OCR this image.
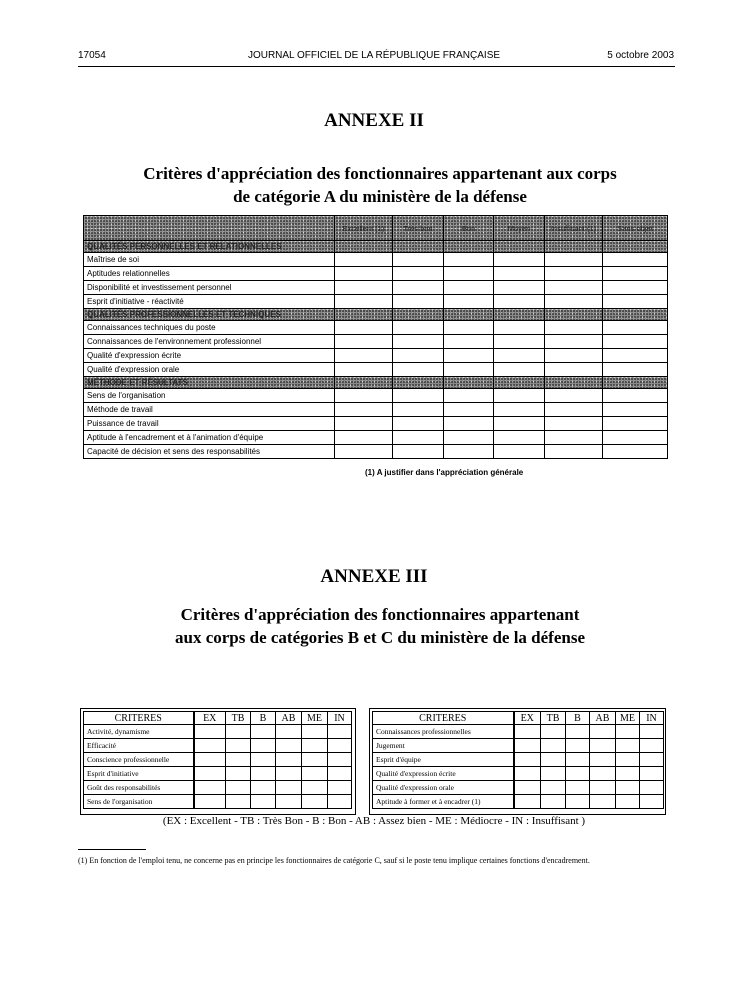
17054	JOURNAL OFFICIEL DE LA RÉPUBLIQUE FRANÇAISE	5 octobre 2003
ANNEXE II
Critères d'appréciation des fonctionnaires appartenant aux corps
de catégorie A du ministère de la défense
	Excellent (1)	Très bon	Bon	Moyen	Insuffisant (1)	Sans objet
QUALITÉS PERSONNELLES ET RELATIONNELLES						
Maîtrise de soi						
Aptitudes relationnelles						
Disponibilité et investissement personnel						
Esprit d'initiative - réactivité						
QUALITÉS PROFESSIONNELLES ET TECHNIQUES						
Connaissances techniques du poste						
Connaissances de l'environnement professionnel						
Qualité d'expression écrite						
Qualité d'expression orale						
MÉTHODE ET RÉSULTATS						
Sens de l'organisation						
Méthode de travail						
Puissance de travail						
Aptitude à l'encadrement et à l'animation d'équipe						
Capacité de décision et sens des responsabilités						
(1) A justifier dans l'appréciation générale
ANNEXE III
Critères d'appréciation des fonctionnaires appartenant
aux corps de catégories B et C du ministère de la défense
CRITERES	EX	TB	B	AB	ME	IN
Activité, dynamisme						
Efficacité						
Conscience professionnelle						
Esprit d'initiative						
Goût des responsabilités						
Sens de l'organisation						
CRITERES	EX	TB	B	AB	ME	IN
Connaissances professionnelles						
Jugement						
Esprit d'équipe						
Qualité d'expression écrite						
Qualité d'expression orale						
Aptitude à former et à encadrer (1)						
(EX : Excellent - TB : Très Bon - B : Bon - AB : Assez bien - ME : Médiocre - IN : Insuffisant )
(1) En fonction de l'emploi tenu, ne concerne pas en principe les fonctionnaires de catégorie C, sauf si le poste tenu implique certaines fonctions d'encadrement.
